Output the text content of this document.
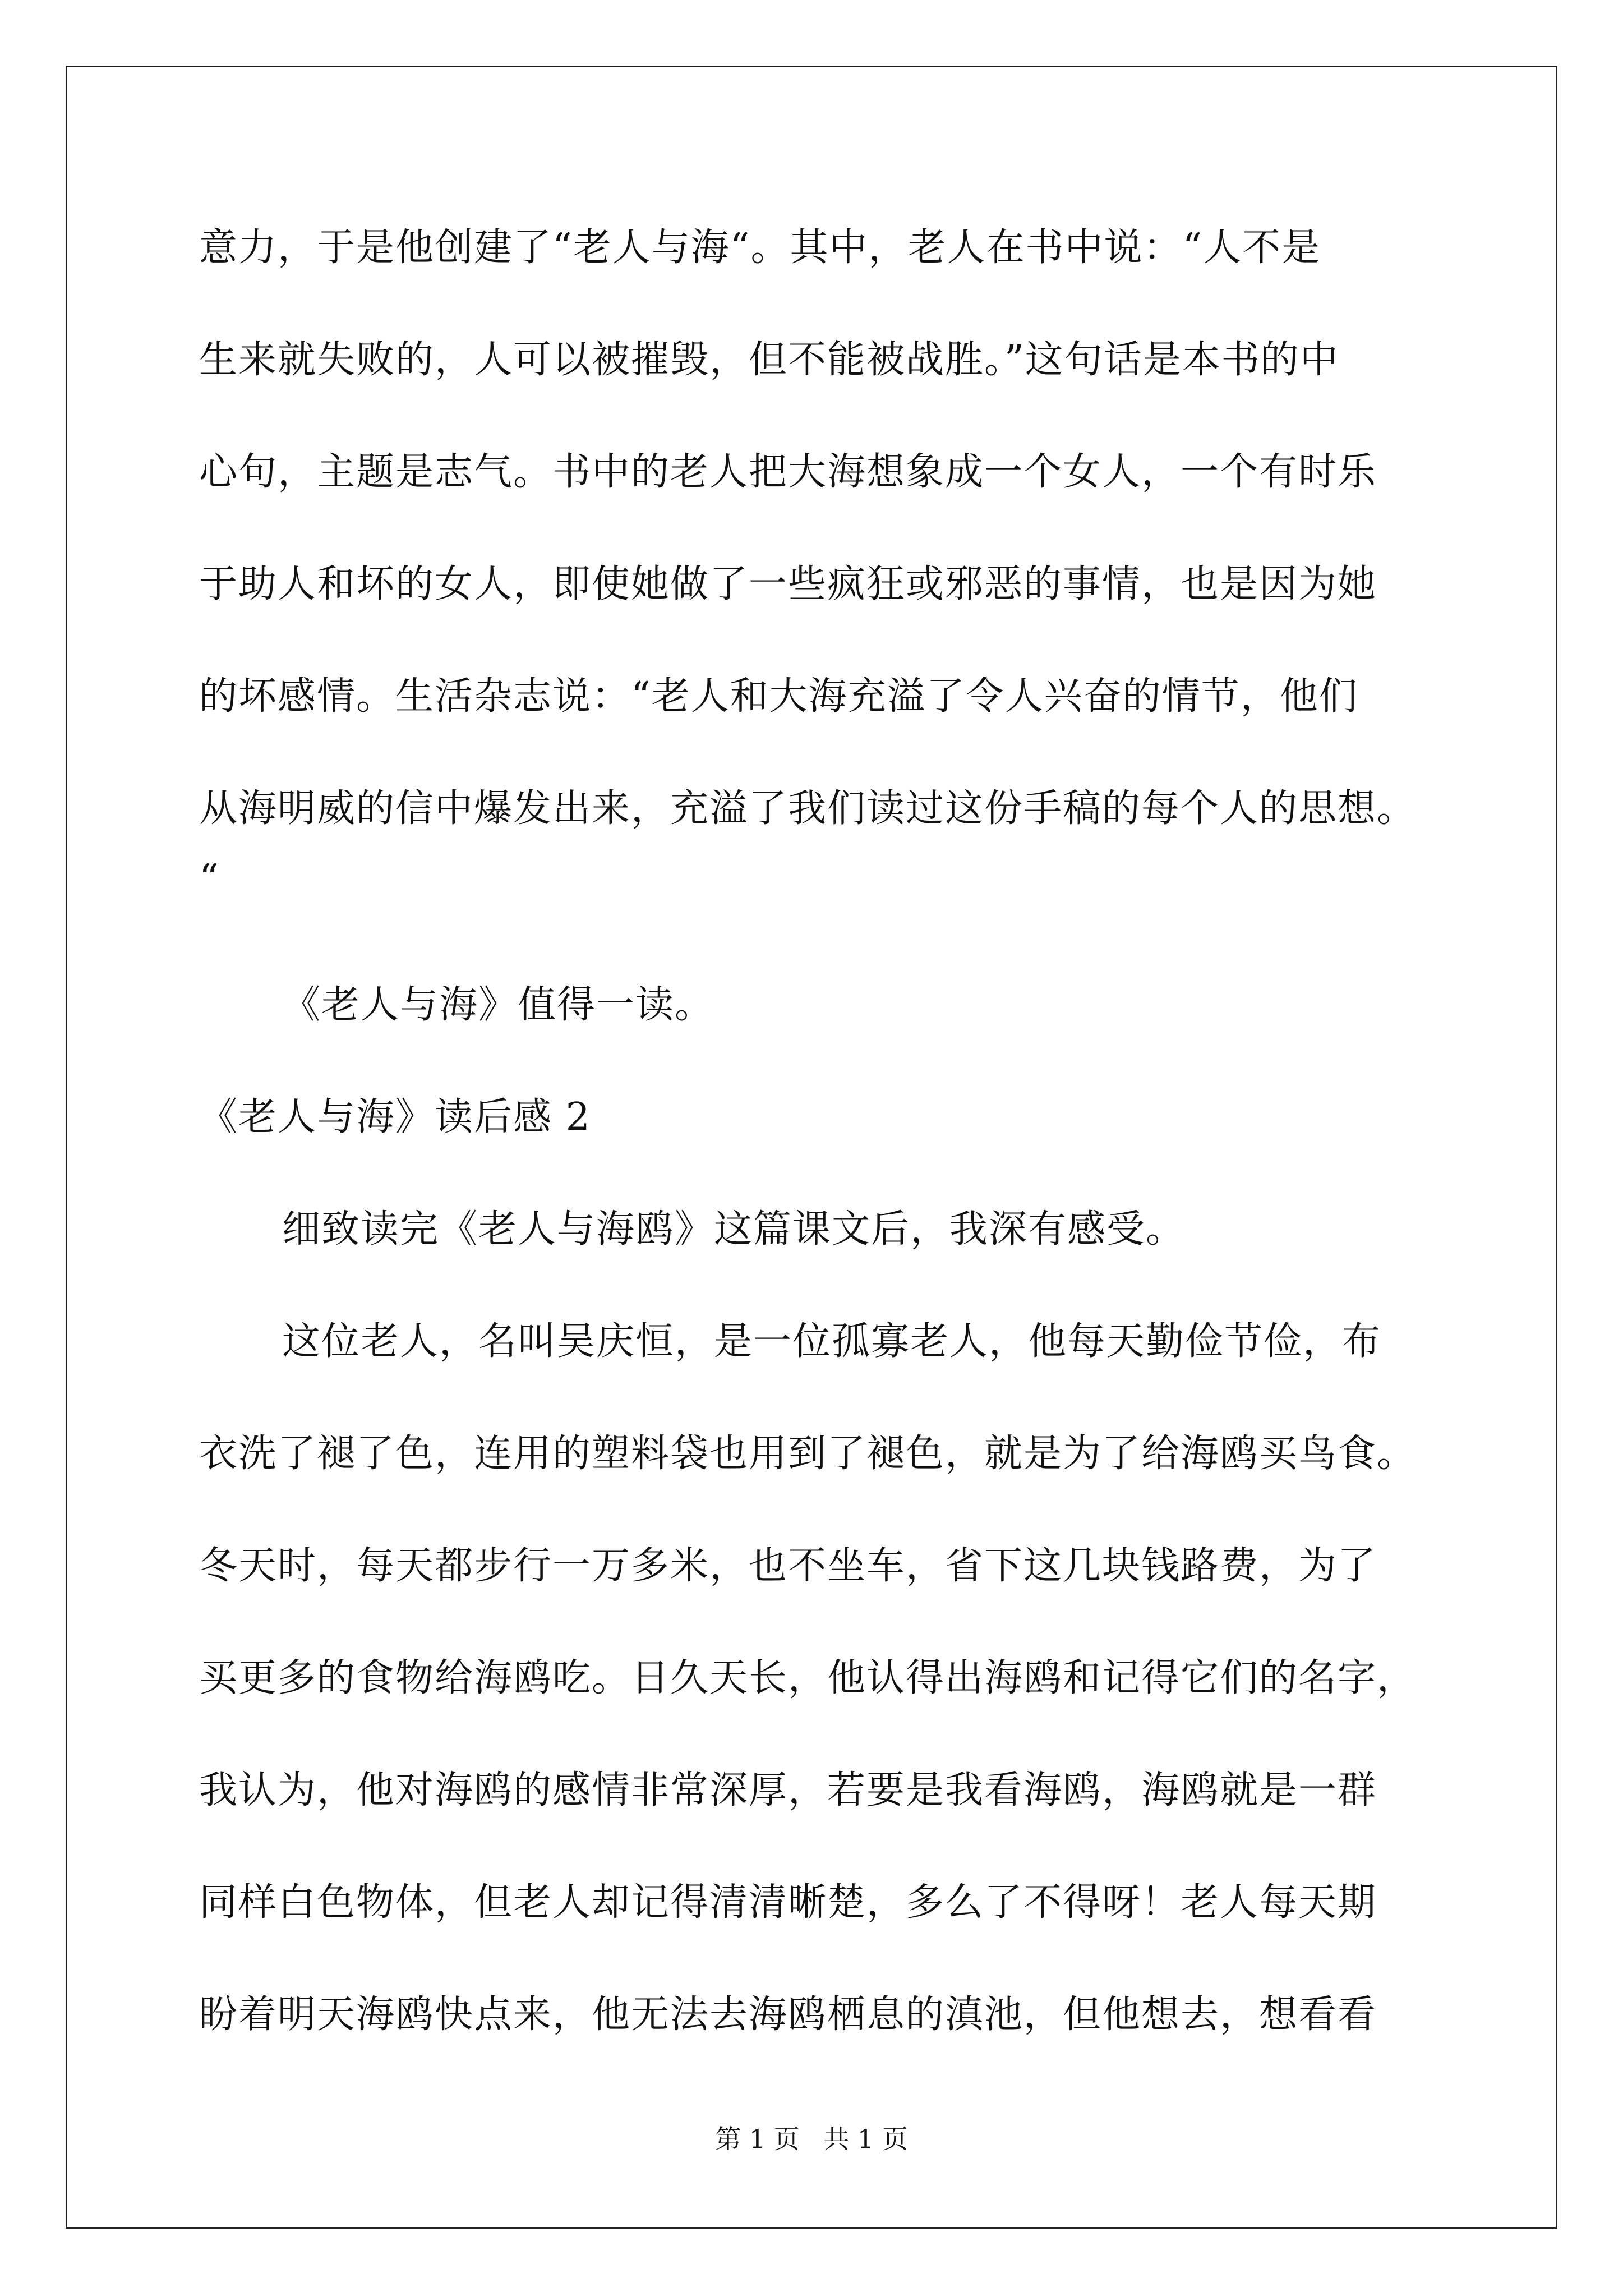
意力，于是他创建了“老人与海“。其中，老人在书中说：“人不是
生来就失败的，人可以被摧毁，但不能被战胜。”这句话是本书的中
心句，主题是志气。书中的老人把大海想象成一个女人，一个有时乐
于助人和坏的女人，即使她做了一些疯狂或邪恶的事情，也是因为她
的坏感情。生活杂志说：“老人和大海充溢了令人兴奋的情节，他们
从海明威的信中爆发出来，充溢了我们读过这份手稿的每个人的思想。
“
《老人与海》值得一读。
《老人与海》读后感 2
细致读完《老人与海鸥》这篇课文后，我深有感受。
这位老人，名叫吴庆恒，是一位孤寡老人，他每天勤俭节俭，布
衣洗了褪了色，连用的塑料袋也用到了褪色，就是为了给海鸥买鸟食。
冬天时，每天都步行一万多米，也不坐车，省下这几块钱路费，为了
买更多的食物给海鸥吃。日久天长，他认得出海鸥和记得它们的名字，
我认为，他对海鸥的感情非常深厚，若要是我看海鸥，海鸥就是一群
同样白色物体，但老人却记得清清晰楚，多么了不得呀！老人每天期
盼着明天海鸥快点来，他无法去海鸥栖息的滇池，但他想去，想看看
第 1 页 共 1 页
